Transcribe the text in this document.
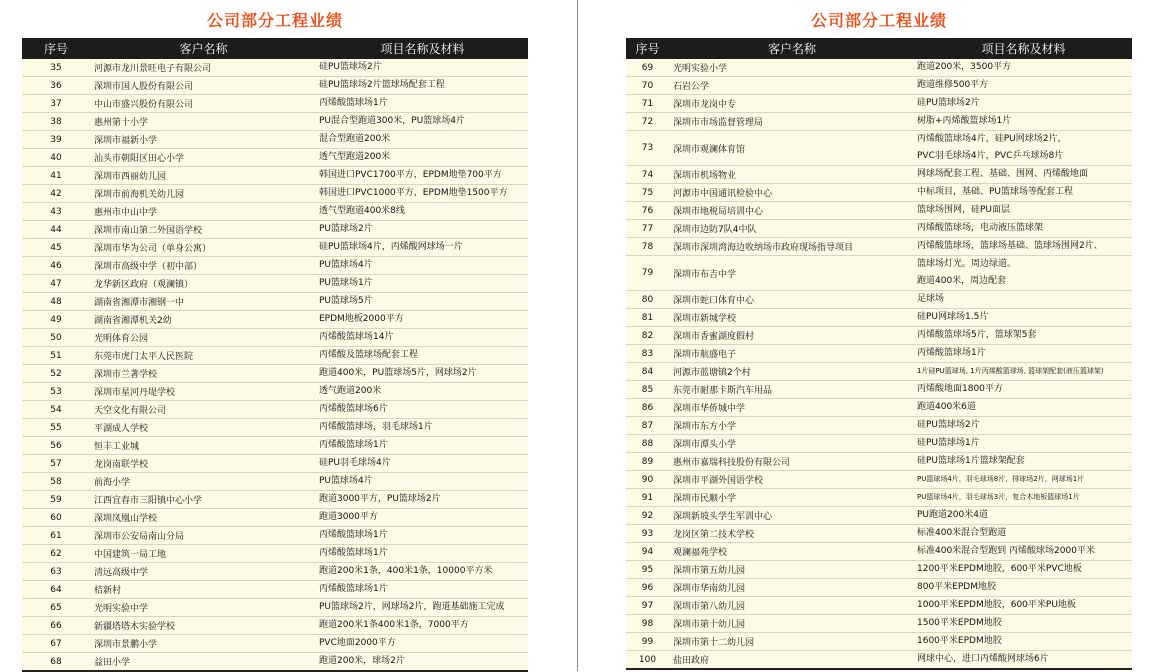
公司部分工程业绩
序号	客户名称	项目名称及材料
35	河源市龙川景旺电子有限公司	硅PU篮球场2片

36	深圳市国人股份有限公司	硅PU篮球场2片篮球场配套工程

37	中山市盛兴股份有限公司	丙烯酸篮球场1片

38	惠州第十小学	PU混合型跑道300米，PU篮球场4片

39	深圳市福新小学	混合型跑道200米

40	汕头市朝阳区田心小学	透气型跑道200米

41	深圳市西丽幼儿园	韩国进口PVC1700平方，EPDM地垫700平方

42	深圳市前海机关幼儿园	韩国进口PVC1000平方，EPDM地垫1500平方

43	惠州市中山中学	透气型跑道400米8线

44	深圳市南山第二外国语学校	PU篮球场2片

45	深圳市华为公司（单身公寓）	硅PU篮球场4片，丙烯酸网球场一片

46	深圳市高级中学（初中部）	PU篮球场4片

47	龙华新区政府（观澜镇）	PU篮球场1片

48	湖南省湘潭市湘钢一中	PU篮球场5片

49	湖南省湘潭机关2幼	EPDM地板2000平方

50	光明体育公园	丙烯酸篮球场14片

51	东莞市虎门太平人民医院	丙烯酸及篮球场配套工程

52	深圳市兰著学校	跑道400米，PU篮球场5片，网球场2片

53	深圳市星河丹堤学校	透气跑道200米

54	天空文化有限公司	丙烯酸篮球场6片

55	平湖成人学校	丙烯酸篮球场，羽毛球场1片

56	恒丰工业城	丙烯酸篮球场1片

57	龙岗南联学校	硅PU羽毛球场4片

58	前海小学	PU篮球场4片

59	江西宜春市三阳镇中心小学	跑道3000平方，PU篮球场2片

60	深圳凤凰山学校	跑道3000平方

61	深圳市公安局南山分局	丙烯酸篮球场1片

62	中国建筑一局工地	丙烯酸篮球场1片

63	清远高级中学	跑道200米1条，400米1条，10000平方米

64	桔新村	丙烯酸篮球场1片

65	光明实验中学	PU篮球场2片，网球场2片，跑道基础施工完成

66	新疆塔塔木实验学校	跑道200米1条400米1条，7000平方

67	深圳市景鹏小学	PVC地面2000平方

68	益田小学	跑道200米，球场2片
公司部分工程业绩
序号	客户名称	项目名称及材料
69	光明实验小学	跑道200米，3500平方

70	石岩公学	跑道维修500平方

71	深圳市龙岗中专	硅PU篮球场2片

72	深圳市市场监督管理局	树脂+丙烯酸篮球场1片

73	深圳市观澜体育馆	丙烯酸篮球场4片，硅PU网球场2片，
PVC羽毛球场4片，PVC乒乓球场8片

74	深圳市机场物业	网球场配套工程、基础、围网、丙烯酸地面

75	河源市中国通讯检验中心	中标项目，基础、PU篮球场等配套工程

76	深圳市地税局培训中心	篮球场围网，硅PU面层

77	深圳市边防7队4中队	丙烯酸篮球场，电动液压篮球架

78	深圳市深圳湾海边收纳场市政府现场指导项目	丙烯酸篮球场，篮球场基础、篮球场围网2片、

79	深圳市布吉中学	篮球场灯光。周边绿道。
跑道400米，周边配套

80	深圳市蛇口体育中心	足球场

81	深圳市新城学校	硅PU网球场1.5片

82	深圳市香蜜湖度假村	丙烯酸篮球场5片，篮球架5套

83	深圳市航盛电子	丙烯酸篮球场1片

84	河源市蓝塘镇2个村	1片硅PU篮球场, 1片丙烯酸篮球场, 篮球架配套(液压篮球架)

85	东莞市耐那卡斯汽车用品	丙烯酸地面1800平方

86	深圳市华侨城中学	跑道400米6道

87	深圳市东方小学	硅PU篮球场2片

88	深圳市潭头小学	硅PU篮球场1片

89	惠州市嘉瑞科技股份有限公司	硅PU篮球场1片篮球架配套

90	深圳市平湖外国语学校	PU篮球场4片，羽毛球场8片，排球场2片，网球场1片

91	深圳市民顺小学	PU篮球场4片，羽毛球场3片，复合木地板篮球场1片

92	深圳新坡头学生军训中心	PU跑道200米4道

93	龙岗区第二技术学校	标准400米混合型跑道

94	观澜福苑学校	标准400米混合型跑到 丙烯酸球场2000平米

95	深圳市第五幼儿园	1200平米EPDM地胶，600平米PVC地板

96	深圳市华南幼儿园	800平米EPDM地胶

97	深圳市第八幼儿园	1000平米EPDM地胶，600平米PU地板

98	深圳市第十幼儿园	1500平米EPDM地胶

99	深圳市第十二幼儿园	1600平米EPDM地胶

100	盐田政府	网球中心，进口丙烯酸网球场6片
